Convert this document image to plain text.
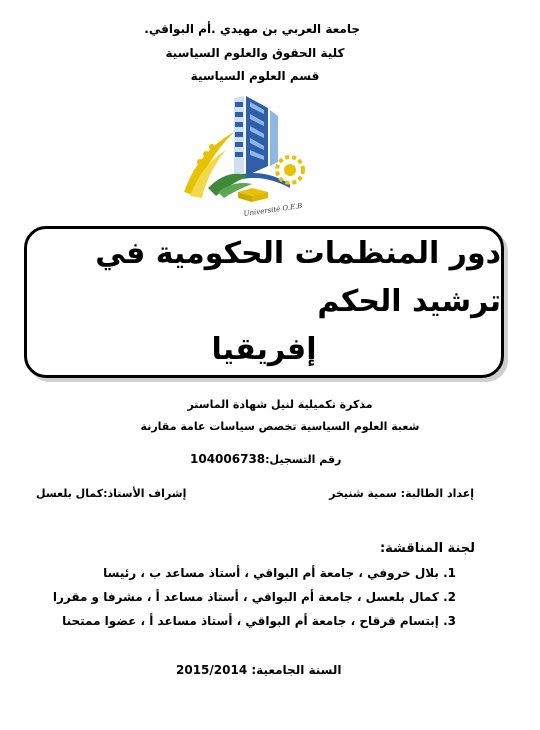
جامعة العربي بن مهيدي .أم البواقي.
كلية الحقوق والعلوم السياسية
قسم العلوم السياسية
Université O.E.B
دور المنظمات الحكومية في ترشيد الحكم
إفريقيا
مذكرة تكميلية لنيل شهادة الماستر
شعبة العلوم السياسية تخصص سياسات عامة مقارنة
رقم التسجيل:104006738
إعداد الطالبة: سمية شنيخر
إشراف الأستاذ:كمال بلعسل
لجنة المناقشة:
1. بلال خروفي ، جامعة أم البواقي ، أستاذ مساعد ب ، رئيسا
2. كمال بلعسل ، جامعة أم البواقي ، أستاذ مساعد أ ، مشرفا و مقررا
3. إبتسام قرقاح ، جامعة أم البواقي ، أستاذ مساعد أ ، عضوا ممتحنا
السنة الجامعية: 2015/2014
